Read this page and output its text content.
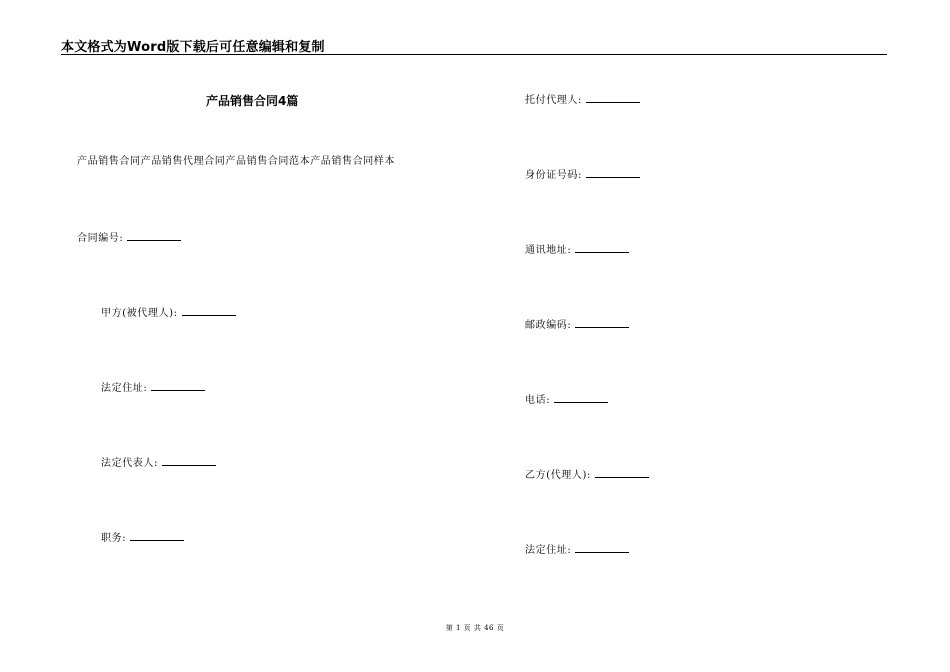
本文格式为Word版下载后可任意编辑和复制
产品销售合同4篇
产品销售合同产品销售代理合同产品销售合同范本产品销售合同样本
合同编号:
甲方(被代理人):
法定住址:
法定代表人:
职务:
托付代理人:
身份证号码:
通讯地址:
邮政编码:
电话:
乙方(代理人):
法定住址:
第 1 页 共 46 页
